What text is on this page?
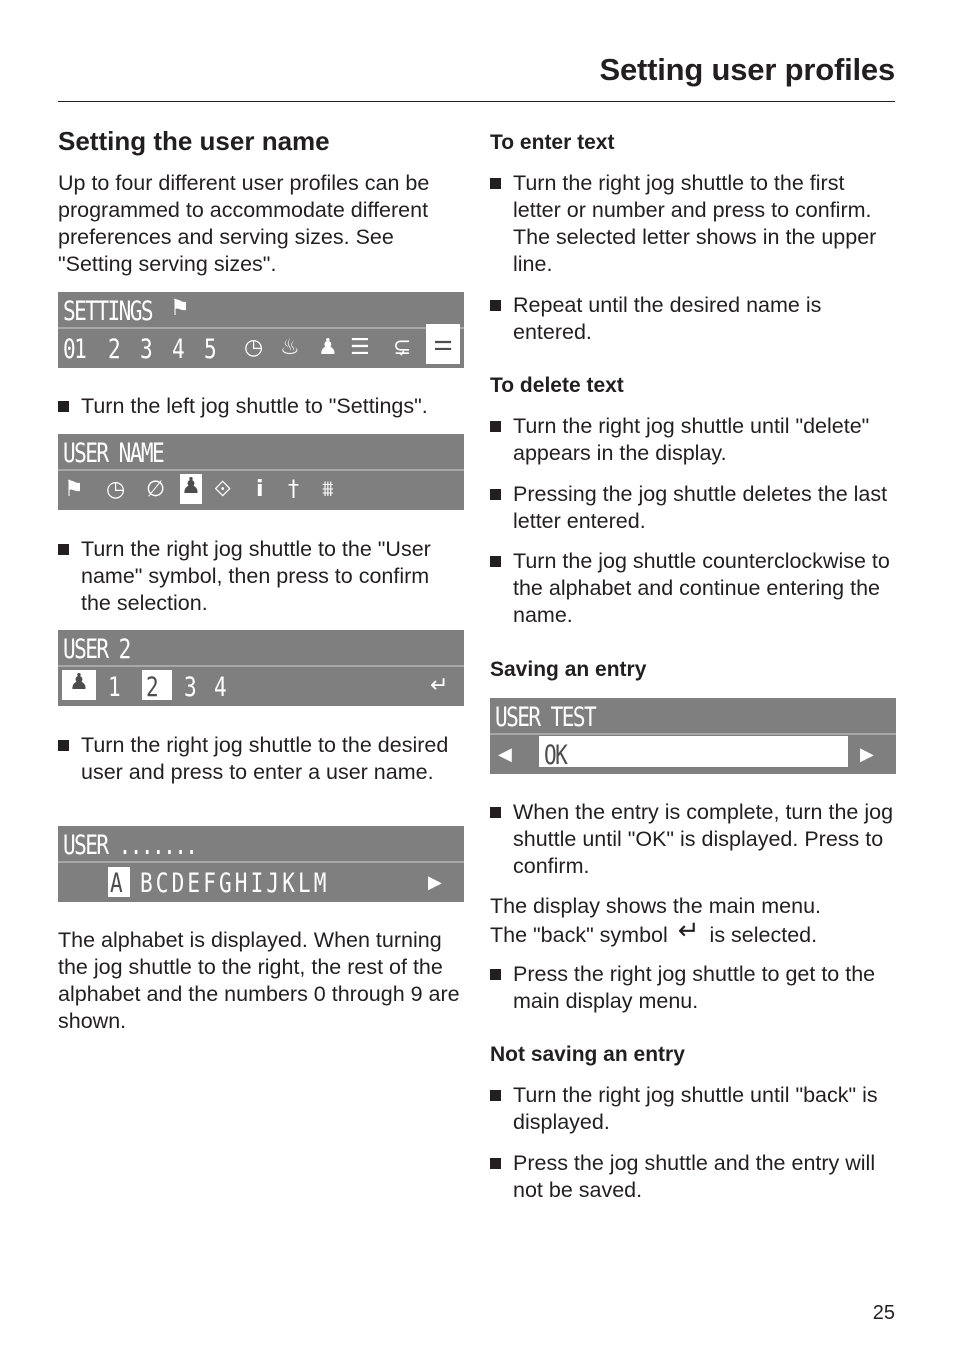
Setting user profiles
Setting the user name
Up to four different user profiles can be programmed to accommodate different preferences and serving sizes. See "Setting serving sizes".
SETTINGS ⚑
01 2 3 4 5 ◷ ♨ ♟ ☰ ⊊ ⚌
Turn the left jog shuttle to "Settings".
USER NAME
⚑ ◷ ∅ ♟ ⟐ i † ⩩
Turn the right jog shuttle to the "User name" symbol, then press to confirm the selection.
USER 2
♟ 1 2 3 4	↵
Turn the right jog shuttle to the desired user and press to enter a user name.
USER .......
A BCDEFGHIJKLM	▶
The alphabet is displayed. When turning the jog shuttle to the right, the rest of the alphabet and the numbers 0 through 9 are shown.
To enter text
Turn the right jog shuttle to the first letter or number and press to confirm. The selected letter shows in the upper line.
Repeat until the desired name is entered.
To delete text
Turn the right jog shuttle until "delete" appears in the display.
Pressing the jog shuttle deletes the last letter entered.
Turn the jog shuttle counterclockwise to the alphabet and continue entering the name.
Saving an entry
USER TEST
◀ OK	▶
When the entry is complete, turn the jog shuttle until "OK" is displayed. Press to confirm.
The display shows the main menu.
The "back" symbol ↵ is selected.
Press the right jog shuttle to get to the main display menu.
Not saving an entry
Turn the right jog shuttle until "back" is displayed.
Press the jog shuttle and the entry will not be saved.
25
